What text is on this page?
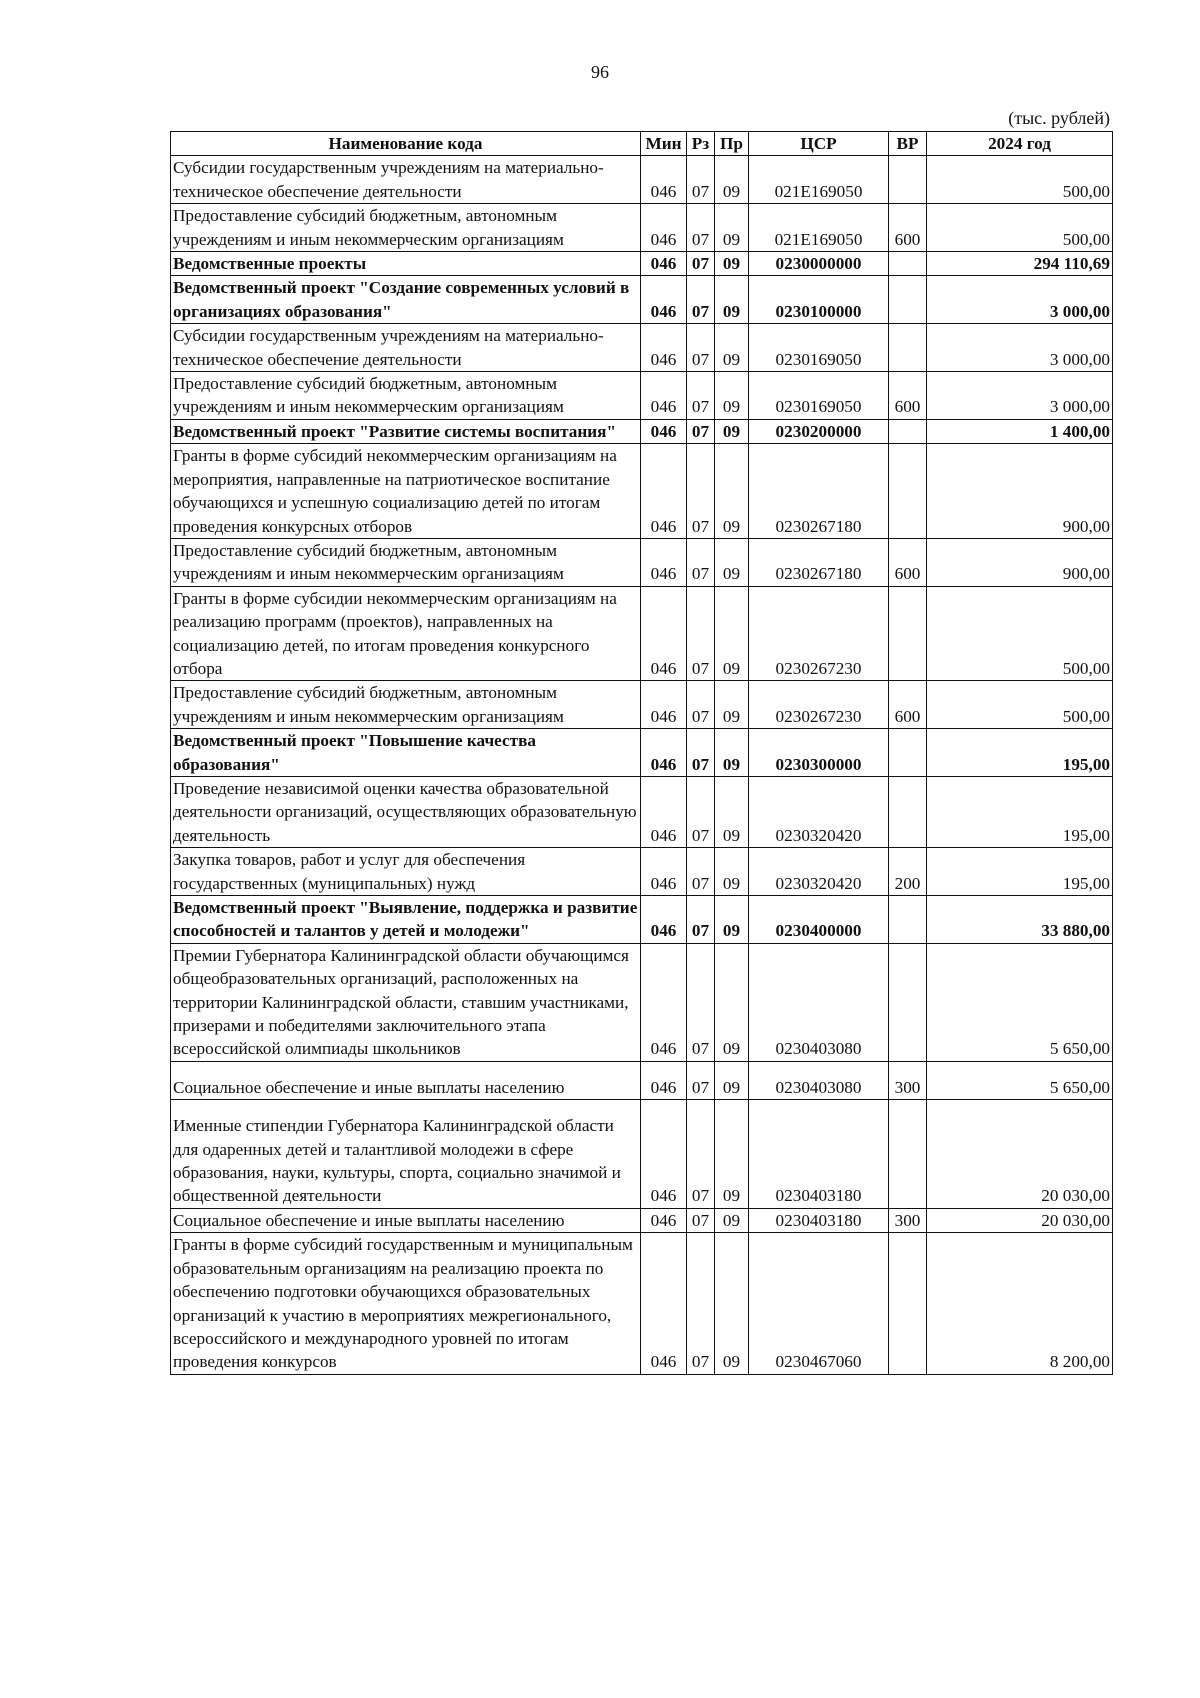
96
(тыс. рублей)
Наименование кода	Мин	Рз	Пр	ЦСР	ВР	2024 год
Субсидии государственным учреждениям на материально-техническое обеспечение деятельности	046	07	09	021E169050		500,00
Предоставление субсидий бюджетным, автономным учреждениям и иным некоммерческим организациям	046	07	09	021E169050	600	500,00
Ведомственные проекты	046	07	09	0230000000		294 110,69
Ведомственный проект "Создание современных условий в организациях образования"	046	07	09	0230100000		3 000,00
Субсидии государственным учреждениям на материально-техническое обеспечение деятельности	046	07	09	0230169050		3 000,00
Предоставление субсидий бюджетным, автономным учреждениям и иным некоммерческим организациям	046	07	09	0230169050	600	3 000,00
Ведомственный проект "Развитие системы воспитания"	046	07	09	0230200000		1 400,00
Гранты в форме субсидий некоммерческим организациям на мероприятия, направленные на патриотическое воспитание обучающихся и успешную социализацию детей по итогам проведения конкурсных отборов	046	07	09	0230267180		900,00
Предоставление субсидий бюджетным, автономным учреждениям и иным некоммерческим организациям	046	07	09	0230267180	600	900,00
Гранты в форме субсидии некоммерческим организациям на реализацию программ (проектов), направленных на социализацию детей, по итогам проведения конкурсного отбора	046	07	09	0230267230		500,00
Предоставление субсидий бюджетным, автономным учреждениям и иным некоммерческим организациям	046	07	09	0230267230	600	500,00
Ведомственный проект "Повышение качества образования"	046	07	09	0230300000		195,00
Проведение независимой оценки качества образовательной деятельности организаций, осуществляющих образовательную деятельность	046	07	09	0230320420		195,00
Закупка товаров, работ и услуг для обеспечения государственных (муниципальных) нужд	046	07	09	0230320420	200	195,00
Ведомственный проект "Выявление, поддержка и развитие способностей и талантов у детей и молодежи"	046	07	09	0230400000		33 880,00
Премии Губернатора Калининградской области обучающимся общеобразовательных организаций, расположенных на территории Калининградской области, ставшим участниками, призерами и победителями заключительного этапа всероссийской олимпиады школьников	046	07	09	0230403080		5 650,00
Социальное обеспечение и иные выплаты населению	046	07	09	0230403080	300	5 650,00
Именные стипендии Губернатора Калининградской области для одаренных детей и талантливой молодежи в сфере образования, науки, культуры, спорта, социально значимой и общественной деятельности	046	07	09	0230403180		20 030,00
Социальное обеспечение и иные выплаты населению	046	07	09	0230403180	300	20 030,00
Гранты в форме субсидий государственным и муниципальным образовательным организациям на реализацию проекта по обеспечению подготовки обучающихся образовательных организаций к участию в мероприятиях межрегионального, всероссийского и международного уровней по итогам проведения конкурсов	046	07	09	0230467060		8 200,00
